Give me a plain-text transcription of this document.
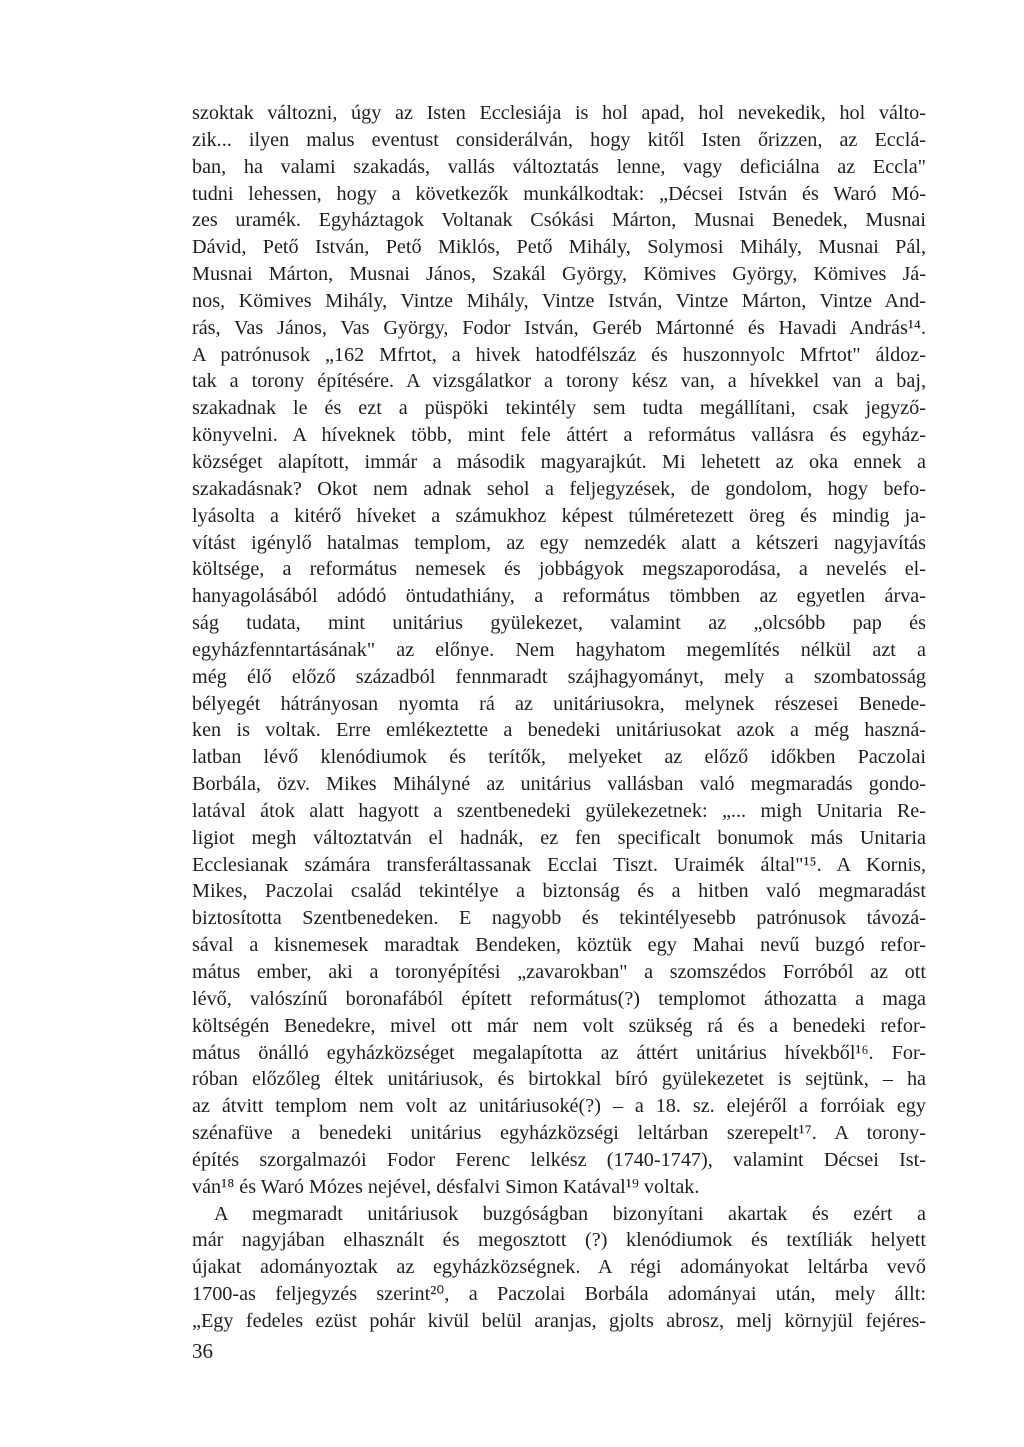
szoktak változni, úgy az Isten Ecclesiája is hol apad, hol nevekedik, hol válto-
zik... ilyen malus eventust considerálván, hogy kitől Isten őrizzen, az Ecclá-
ban, ha valami szakadás, vallás változtatás lenne, vagy deficiálna az Eccla"
tudni lehessen, hogy a következők munkálkodtak: „Décsei István és Waró Mó-
zes uramék. Egyháztagok Voltanak Csókási Márton, Musnai Benedek, Musnai
Dávid, Pető István, Pető Miklós, Pető Mihály, Solymosi Mihály, Musnai Pál,
Musnai Márton, Musnai János, Szakál György, Kömives György, Kömives Já-
nos, Kömives Mihály, Vintze Mihály, Vintze István, Vintze Márton, Vintze And-
rás, Vas János, Vas György, Fodor István, Geréb Mártonné és Havadi András¹⁴.
A patrónusok „162 Mfrtot, a hivek hatodfélszáz és huszonnyolc Mfrtot" áldoz-
tak a torony építésére. A vizsgálatkor a torony kész van, a hívekkel van a baj,
szakadnak le és ezt a püspöki tekintély sem tudta megállítani, csak jegyző-
könyvelni. A híveknek több, mint fele áttért a református vallásra és egyház-
községet alapított, immár a második magyarajkút. Mi lehetett az oka ennek a
szakadásnak? Okot nem adnak sehol a feljegyzések, de gondolom, hogy befo-
lyásolta a kitérő híveket a számukhoz képest túlméretezett öreg és mindig ja-
vítást igénylő hatalmas templom, az egy nemzedék alatt a kétszeri nagyjavítás
költsége, a református nemesek és jobbágyok megszaporodása, a nevelés el-
hanyagolásából adódó öntudathiány, a református tömbben az egyetlen árva-
ság tudata, mint unitárius gyülekezet, valamint az „olcsóbb pap és
egyházfenntartásának" az előnye. Nem hagyhatom megemlítés nélkül azt a
még élő előző századból fennmaradt szájhagyományt, mely a szombatosság
bélyegét hátrányosan nyomta rá az unitáriusokra, melynek részesei Benede-
ken is voltak. Erre emlékeztette a benedeki unitáriusokat azok a még haszná-
latban lévő klenódiumok és terítők, melyeket az előző időkben Paczolai
Borbála, özv. Mikes Mihályné az unitárius vallásban való megmaradás gondo-
latával átok alatt hagyott a szentbenedeki gyülekezetnek: „... migh Unitaria Re-
ligiot megh változtatván el hadnák, ez fen specificalt bonumok más Unitaria
Ecclesianak számára transferáltassanak Ecclai Tiszt. Uraimék által"¹⁵. A Kornis,
Mikes, Paczolai család tekintélye a biztonság és a hitben való megmaradást
biztosította Szentbenedeken. E nagyobb és tekintélyesebb patrónusok távozá-
sával a kisnemesek maradtak Bendeken, köztük egy Mahai nevű buzgó refor-
mátus ember, aki a toronyépítési „zavarokban" a szomszédos Forróból az ott
lévő, valószínű boronafából épített református(?) templomot áthozatta a maga
költségén Benedekre, mivel ott már nem volt szükség rá és a benedeki refor-
mátus önálló egyházközséget megalapította az áttért unitárius hívekből¹⁶. For-
róban előzőleg éltek unitáriusok, és birtokkal bíró gyülekezetet is sejtünk, – ha
az átvitt templom nem volt az unitáriusoké(?) – a 18. sz. elejéről a forróiak egy
szénafüve a benedeki unitárius egyházközségi leltárban szerepelt¹⁷. A torony-
építés szorgalmazói Fodor Ferenc lelkész (1740-1747), valamint Décsei Ist-
ván¹⁸ és Waró Mózes nejével, désfalvi Simon Katával¹⁹ voltak.
A megmaradt unitáriusok buzgóságban bizonyítani akartak és ezért a
már nagyjában elhasznált és megosztott (?) klenódiumok és textíliák helyett
újakat adományoztak az egyházközségnek. A régi adományokat leltárba vevő
1700-as feljegyzés szerint²⁰, a Paczolai Borbála adományai után, mely állt:
„Egy fedeles ezüst pohár kivül belül aranjas, gjolts abrosz, melj környjül fejéres-
36
